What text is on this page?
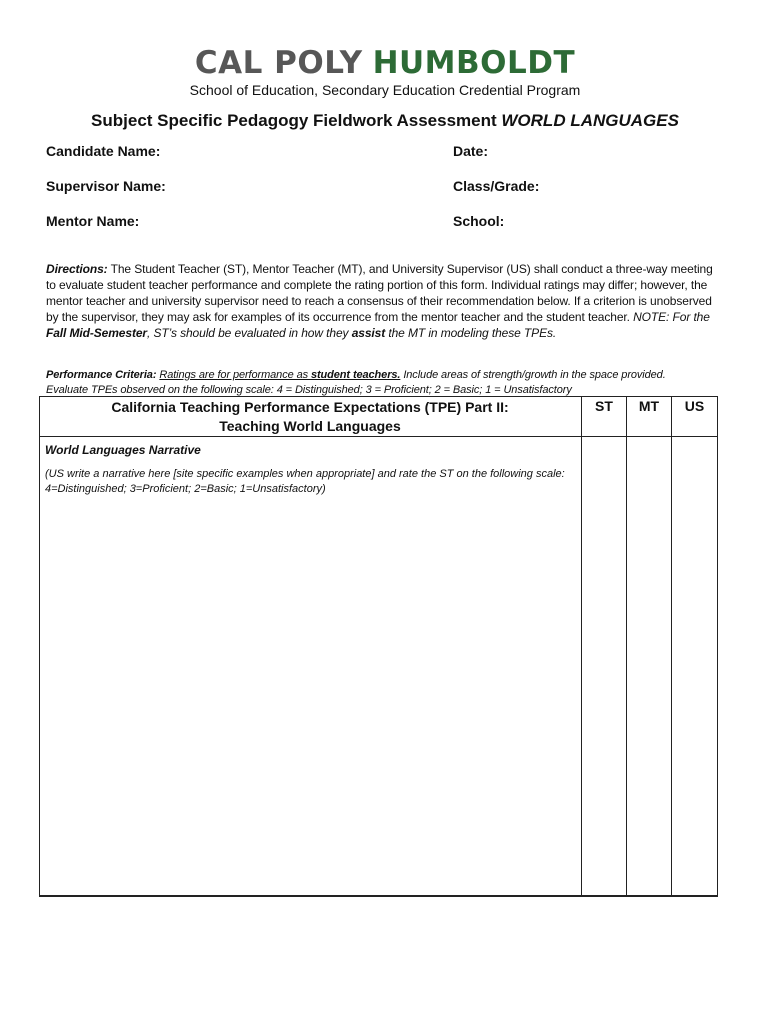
CAL POLY HUMBOLDT
School of Education, Secondary Education Credential Program
Subject Specific Pedagogy Fieldwork Assessment WORLD LANGUAGES
Candidate Name:	Date:
Supervisor Name:	Class/Grade:
Mentor Name:	School:
Directions: The Student Teacher (ST), Mentor Teacher (MT), and University Supervisor (US) shall conduct a three-way meeting to evaluate student teacher performance and complete the rating portion of this form. Individual ratings may differ; however, the mentor teacher and university supervisor need to reach a consensus of their recommendation below. If a criterion is unobserved by the supervisor, they may ask for examples of its occurrence from the mentor teacher and the student teacher. NOTE: For the Fall Mid-Semester, ST’s should be evaluated in how they assist the MT in modeling these TPEs.
Performance Criteria: Ratings are for performance as student teachers. Include areas of strength/growth in the space provided.
Evaluate TPEs observed on the following scale: 4 = Distinguished; 3 = Proficient; 2 = Basic; 1 = Unsatisfactory
California Teaching Performance Expectations (TPE) Part II:
Teaching World Languages
ST	MT	US
World Languages Narrative
(US write a narrative here [site specific examples when appropriate] and rate the ST on the following scale: 4=Distinguished; 3=Proficient; 2=Basic; 1=Unsatisfactory)
